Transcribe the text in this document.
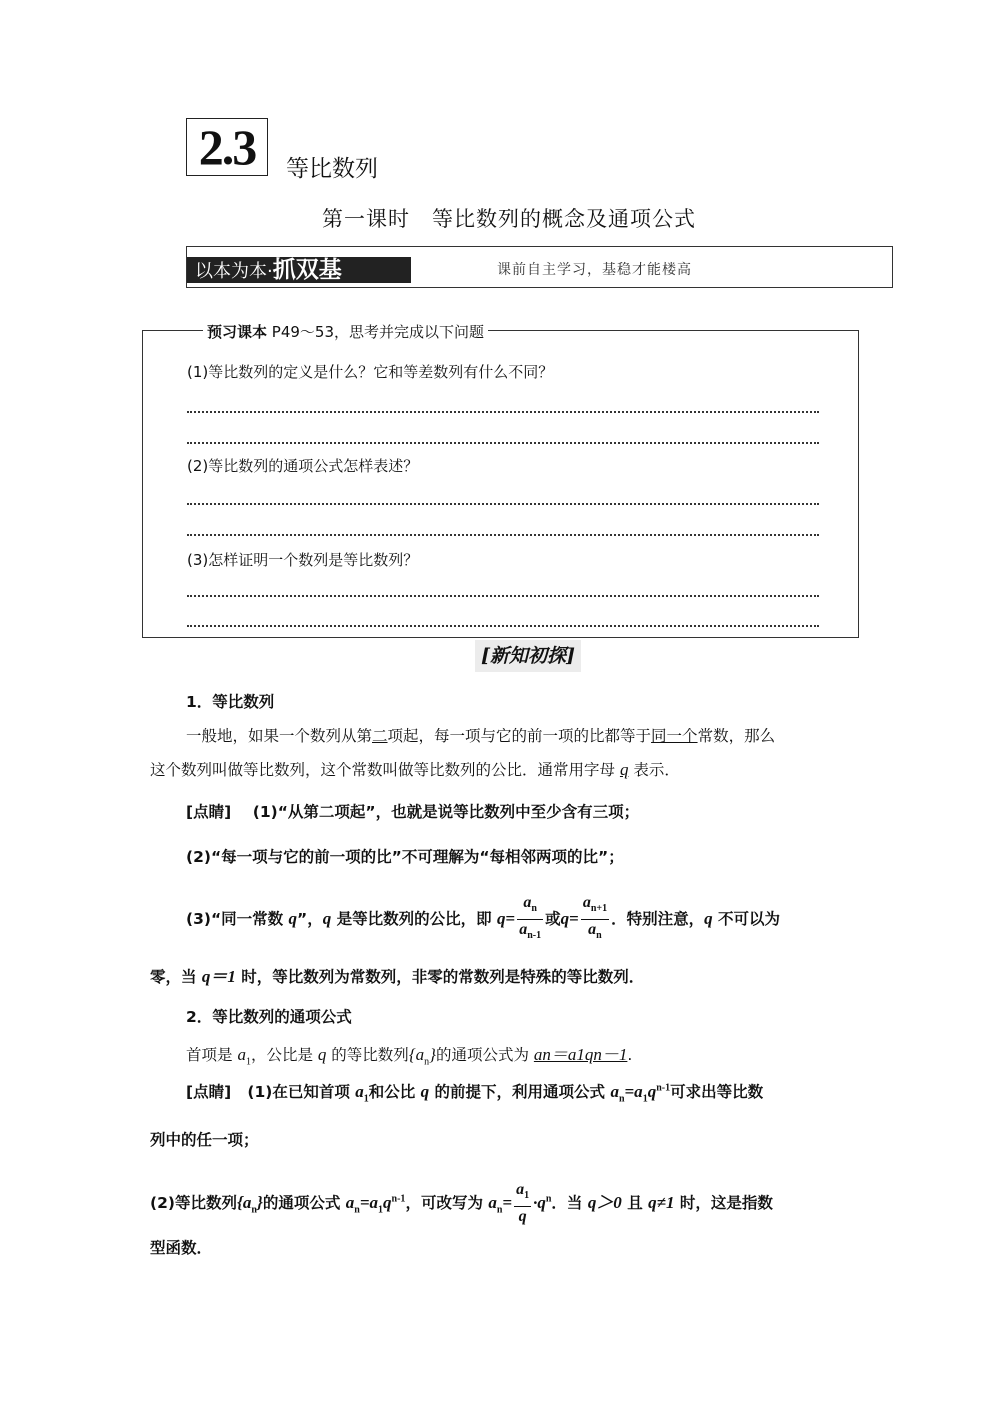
2.3	等比数列
第一课时 等比数列的概念及通项公式
以本为本·抓双基	课前自主学习，基稳才能楼高
预习课本 P49～53，思考并完成以下问题
(1)等比数列的定义是什么？它和等差数列有什么不同？
(2)等比数列的通项公式怎样表述？
(3)怎样证明一个数列是等比数列？
[新知初探]
1．等比数列
一般地，如果一个数列从第二项起，每一项与它的前一项的比都等于同一个常数，那么
这个数列叫做等比数列，这个常数叫做等比数列的公比．通常用字母 q 表示．
[点睛] (1)“从第二项起”，也就是说等比数列中至少含有三项；
(2)“每一项与它的前一项的比”不可理解为“每相邻两项的比”；
(3)“同一常数 q”，q 是等比数列的公比，即 $q= \frac{a_n}{a_{n-1}}$ 或$q= \frac{a_{n+1}}{a_n}$ ．特别注意，q 不可以为
零，当 q＝1 时，等比数列为常数列，非零的常数列是特殊的等比数列．
2．等比数列的通项公式
首项是 $a_1$，公比是 q 的等比数列$\{a_n\}$的通项公式为 an＝a1qn－1.
[点睛] (1)在已知首项 $a_1$和公比 q 的前提下，利用通项公式 $a_n=a_1q^{n-1}$可求出等比数
列中的任一项；
(2)等比数列$\{a_n\}$的通项公式 $a_n=a_1q^{n-1}$，可改写为 $a_n= \frac{a_1}{q} \cdot q^n$．当 q＞0 且 q≠1 时，这是指数
型函数．
